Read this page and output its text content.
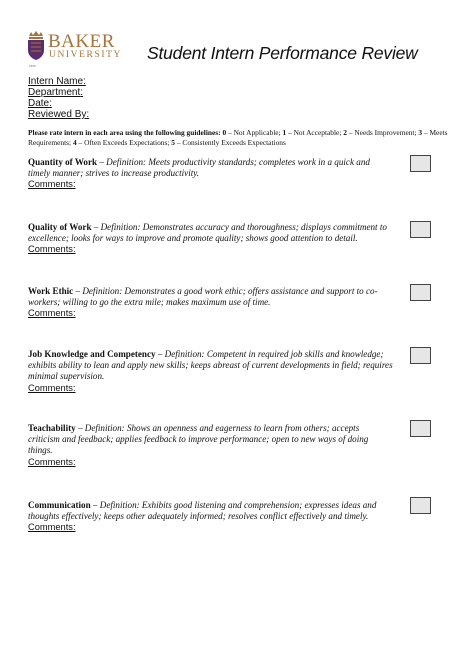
BAKER
UNIVERSITY
1858
Student Intern Performance Review
Intern Name:
Department:
Date:
Reviewed By:
Please rate intern in each area using the following guidelines: 0 – Not Applicable; 1 – Not Acceptable; 2 – Needs Improvement; 3 – Meets Requirements; 4 – Often Exceeds Expectations; 5 – Consistently Exceeds Expectations
Quantity of Work – Definition: Meets productivity standards; completes work in a quick and timely manner; strives to increase productivity.
Comments:
Quality of Work – Definition: Demonstrates accuracy and thoroughness; displays commitment to excellence; looks for ways to improve and promote quality; shows good attention to detail.
Comments:
Work Ethic – Definition: Demonstrates a good work ethic; offers assistance and support to co-workers; willing to go the extra mile; makes maximum use of time.
Comments:
Job Knowledge and Competency – Definition: Competent in required job skills and knowledge; exhibits ability to lean and apply new skills; keeps abreast of current developments in field; requires minimal supervision.
Comments:
Teachability – Definition: Shows an openness and eagerness to learn from others; accepts criticism and feedback; applies feedback to improve performance; open to new ways of doing things.
Comments:
Communication – Definition: Exhibits good listening and comprehension; expresses ideas and thoughts effectively; keeps other adequately informed; resolves conflict effectively and timely.
Comments:
